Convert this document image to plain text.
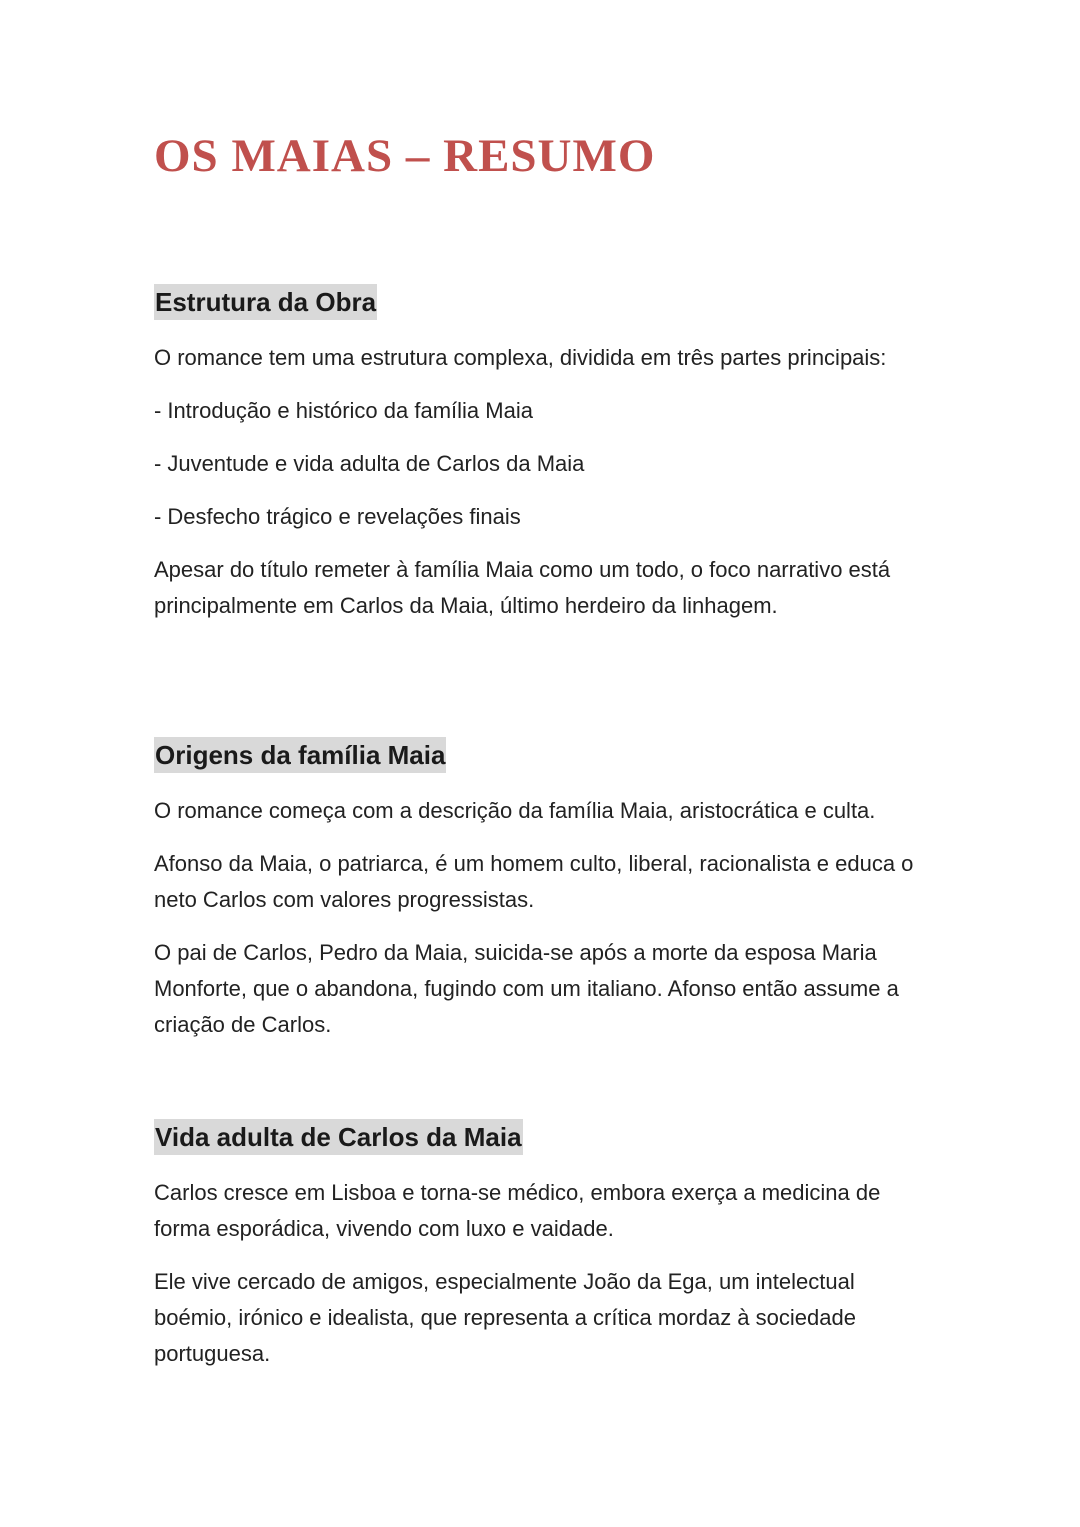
OS MAIAS – RESUMO
Estrutura da Obra

O romance tem uma estrutura complexa, dividida em três partes principais:

- Introdução e histórico da família Maia
- Juventude e vida adulta de Carlos da Maia
- Desfecho trágico e revelações finais

Apesar do título remeter à família Maia como um todo, o foco narrativo está principalmente em Carlos da Maia, último herdeiro da linhagem.

Origens da família Maia

O romance começa com a descrição da família Maia, aristocrática e culta.

Afonso da Maia, o patriarca, é um homem culto, liberal, racionalista e educa o neto Carlos com valores progressistas.

O pai de Carlos, Pedro da Maia, suicida-se após a morte da esposa Maria Monforte, que o abandona, fugindo com um italiano. Afonso então assume a criação de Carlos.

Vida adulta de Carlos da Maia

Carlos cresce em Lisboa e torna-se médico, embora exerça a medicina de forma esporádica, vivendo com luxo e vaidade.

Ele vive cercado de amigos, especialmente João da Ega, um intelectual boémio, irónico e idealista, que representa a crítica mordaz à sociedade portuguesa.
